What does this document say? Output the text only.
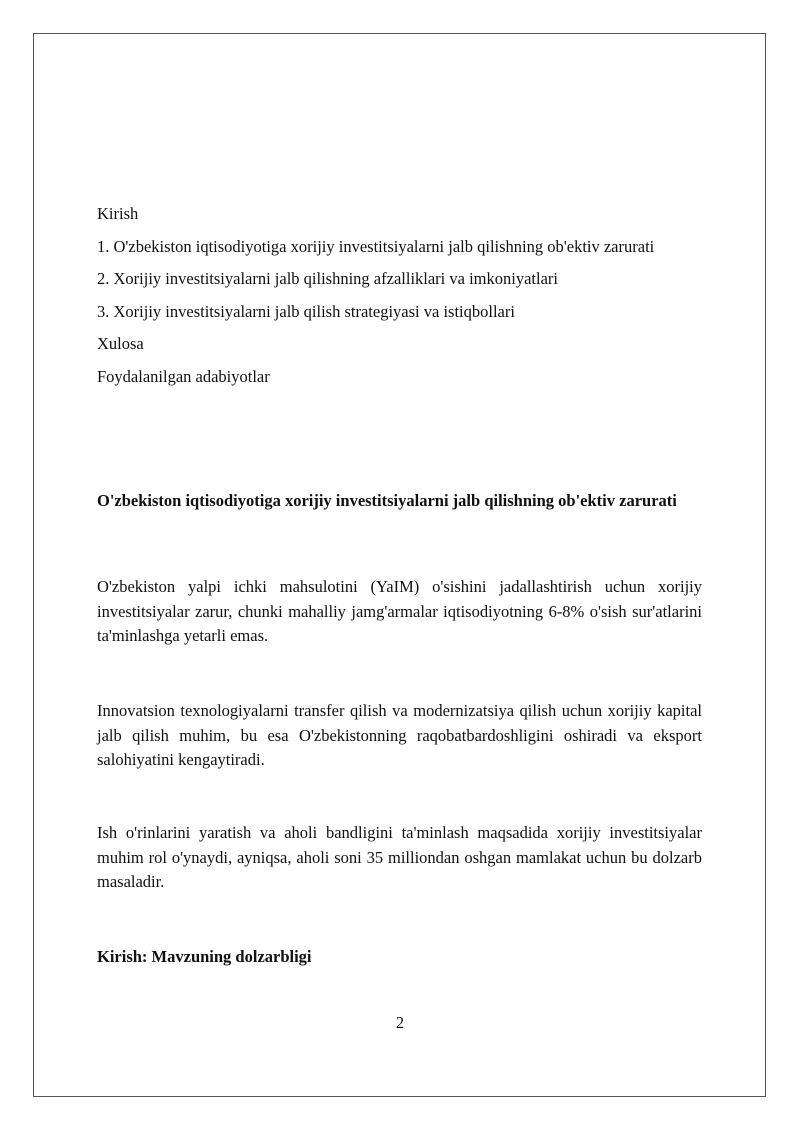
Kirish
1. O'zbekiston iqtisodiyotiga xorijiy investitsiyalarni jalb qilishning ob'ektiv zarurati
2. Xorijiy investitsiyalarni jalb qilishning afzalliklari va imkoniyatlari
3. Xorijiy investitsiyalarni jalb qilish strategiyasi va istiqbollari
Xulosa
Foydalanilgan adabiyotlar
O'zbekiston iqtisodiyotiga xorijiy investitsiyalarni jalb qilishning ob'ektiv zarurati
O'zbekiston yalpi ichki mahsulotini (YaIM) o'sishini jadallashtirish uchun xorijiy investitsiyalar zarur, chunki mahalliy jamg'armalar iqtisodiyotning 6-8% o'sish sur'atlarini ta'minlashga yetarli emas.
Innovatsion texnologiyalarni transfer qilish va modernizatsiya qilish uchun xorijiy kapital jalb qilish muhim, bu esa O'zbekistonning raqobatbardoshligini oshiradi va eksport salohiyatini kengaytiradi.
Ish o'rinlarini yaratish va aholi bandligini ta'minlash maqsadida xorijiy investitsiyalar muhim rol o'ynaydi, ayniqsa, aholi soni 35 milliondan oshgan mamlakat uchun bu dolzarb masaladir.
Kirish: Mavzuning dolzarbligi
2
